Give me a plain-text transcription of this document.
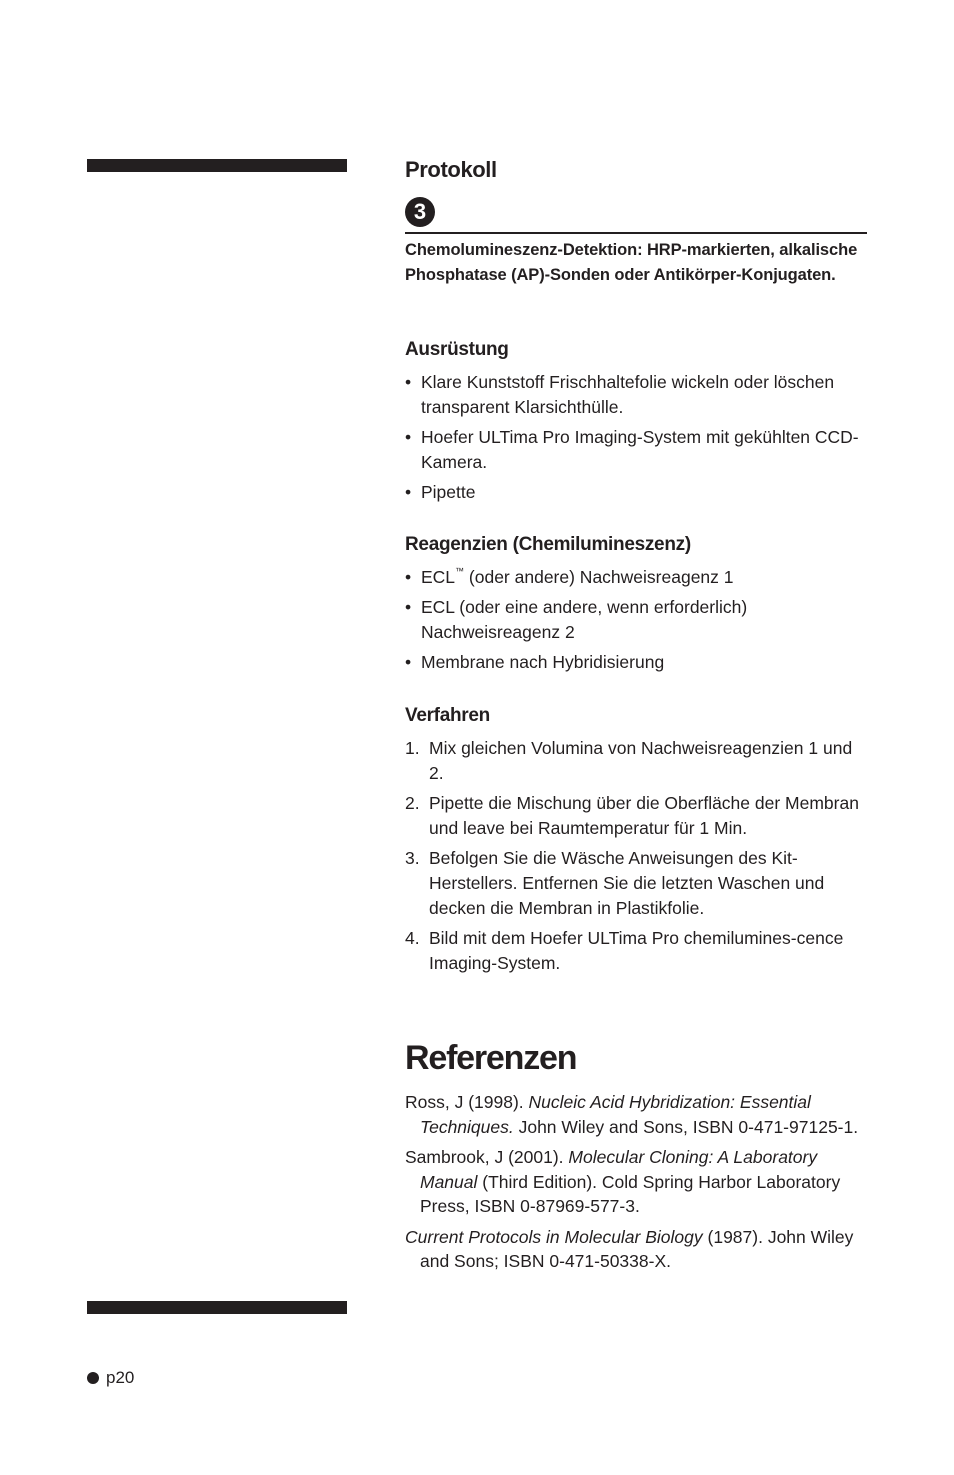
Protokoll
3
Chemolumineszenz-Detektion: HRP-markierten, alkalische Phosphatase (AP)-Sonden oder Antikörper-Konjugaten.
Ausrüstung
• Klare Kunststoff Frischhaltefolie wickeln oder löschen transparent Klarsichthülle.
• Hoefer ULTima Pro Imaging-System mit gekühlten CCD-Kamera.
• Pipette
Reagenzien (Chemilumineszenz)
• ECL™ (oder andere) Nachweisreagenz 1
• ECL (oder eine andere, wenn erforderlich) Nachweisreagenz 2
• Membrane nach Hybridisierung
Verfahren
1. Mix gleichen Volumina von Nachweisreagenzien 1 und 2.
2. Pipette die Mischung über die Oberfläche der Membran und leave bei Raumtemperatur für 1 Min.
3. Befolgen Sie die Wäsche Anweisungen des Kit-Herstellers. Entfernen Sie die letzten Waschen und decken die Membran in Plastikfolie.
4. Bild mit dem Hoefer ULTima Pro chemilumines-cence Imaging-System.
Referenzen

Ross, J (1998). Nucleic Acid Hybridization: Essential Techniques. John Wiley and Sons, ISBN 0-471-97125-1.

Sambrook, J (2001). Molecular Cloning: A Laboratory Manual (Third Edition). Cold Spring Harbor Laboratory Press, ISBN 0-87969-577-3.

Current Protocols in Molecular Biology (1987). John Wiley and Sons; ISBN 0-471-50338-X.

p20
